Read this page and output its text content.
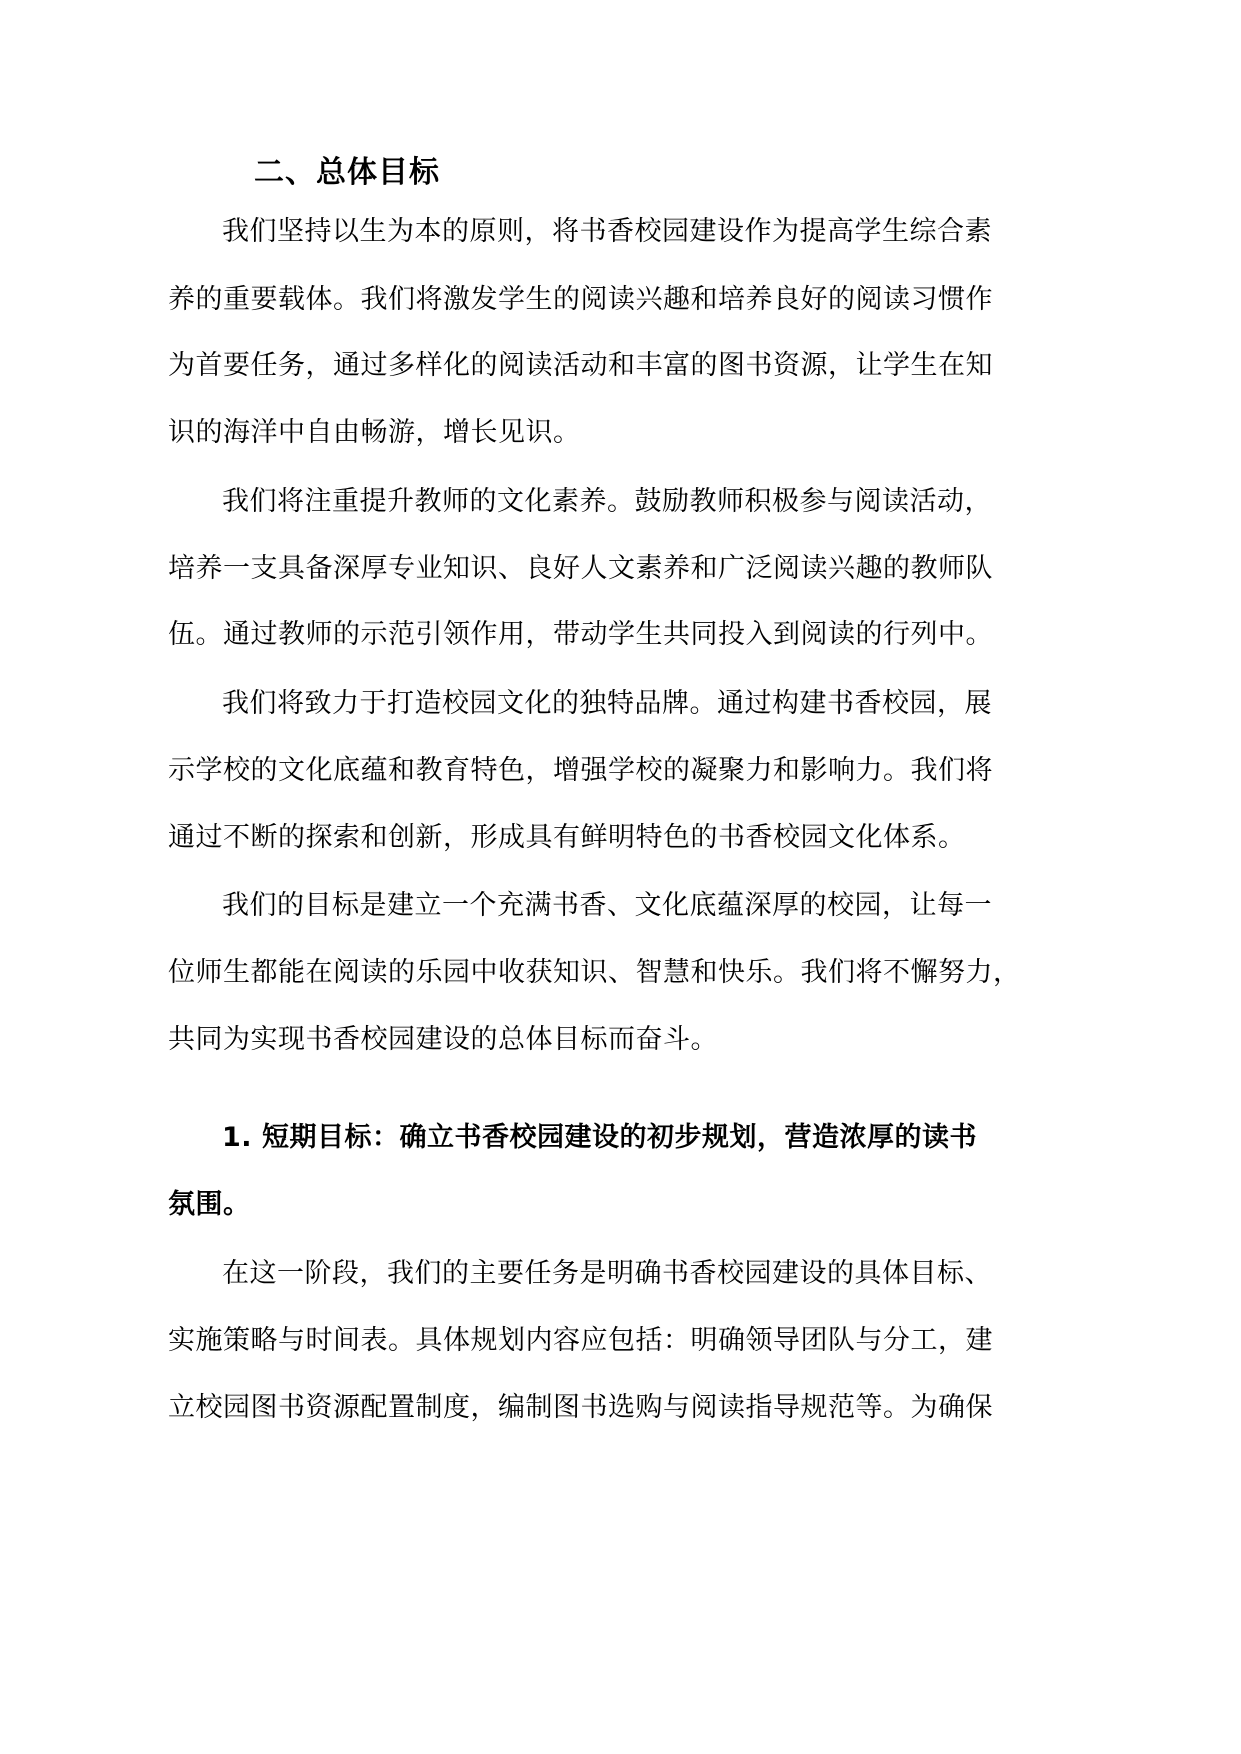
二、总体目标
我们坚持以生为本的原则，将书香校园建设作为提高学生综合素
养的重要载体。我们将激发学生的阅读兴趣和培养良好的阅读习惯作
为首要任务，通过多样化的阅读活动和丰富的图书资源，让学生在知
识的海洋中自由畅游，增长见识。
我们将注重提升教师的文化素养。鼓励教师积极参与阅读活动，
培养一支具备深厚专业知识、良好人文素养和广泛阅读兴趣的教师队
伍。通过教师的示范引领作用，带动学生共同投入到阅读的行列中。
我们将致力于打造校园文化的独特品牌。通过构建书香校园，展
示学校的文化底蕴和教育特色，增强学校的凝聚力和影响力。我们将
通过不断的探索和创新，形成具有鲜明特色的书香校园文化体系。
我们的目标是建立一个充满书香、文化底蕴深厚的校园，让每一
位师生都能在阅读的乐园中收获知识、智慧和快乐。我们将不懈努力，
共同为实现书香校园建设的总体目标而奋斗。
1. 短期目标：确立书香校园建设的初步规划，营造浓厚的读书
氛围。
在这一阶段，我们的主要任务是明确书香校园建设的具体目标、
实施策略与时间表。具体规划内容应包括：明确领导团队与分工，建
立校园图书资源配置制度，编制图书选购与阅读指导规范等。为确保
